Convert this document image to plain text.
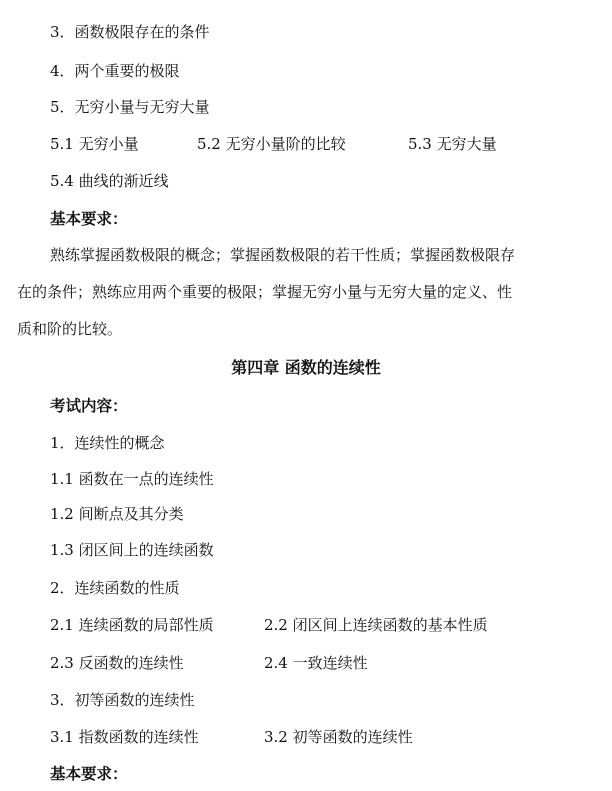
3．函数极限存在的条件
4．两个重要的极限
5．无穷小量与无穷大量
5.1 无穷小量	5.2 无穷小量阶的比较	5.3 无穷大量
5.4 曲线的渐近线
基本要求：
熟练掌握函数极限的概念；掌握函数极限的若干性质；掌握函数极限存
在的条件；熟练应用两个重要的极限；掌握无穷小量与无穷大量的定义、性
质和阶的比较。
第四章 函数的连续性
考试内容：
1．连续性的概念
1.1 函数在一点的连续性
1.2 间断点及其分类
1.3 闭区间上的连续函数
2．连续函数的性质
2.1 连续函数的局部性质	2.2 闭区间上连续函数的基本性质
2.3 反函数的连续性	2.4 一致连续性
3．初等函数的连续性
3.1 指数函数的连续性	3.2 初等函数的连续性
基本要求：
